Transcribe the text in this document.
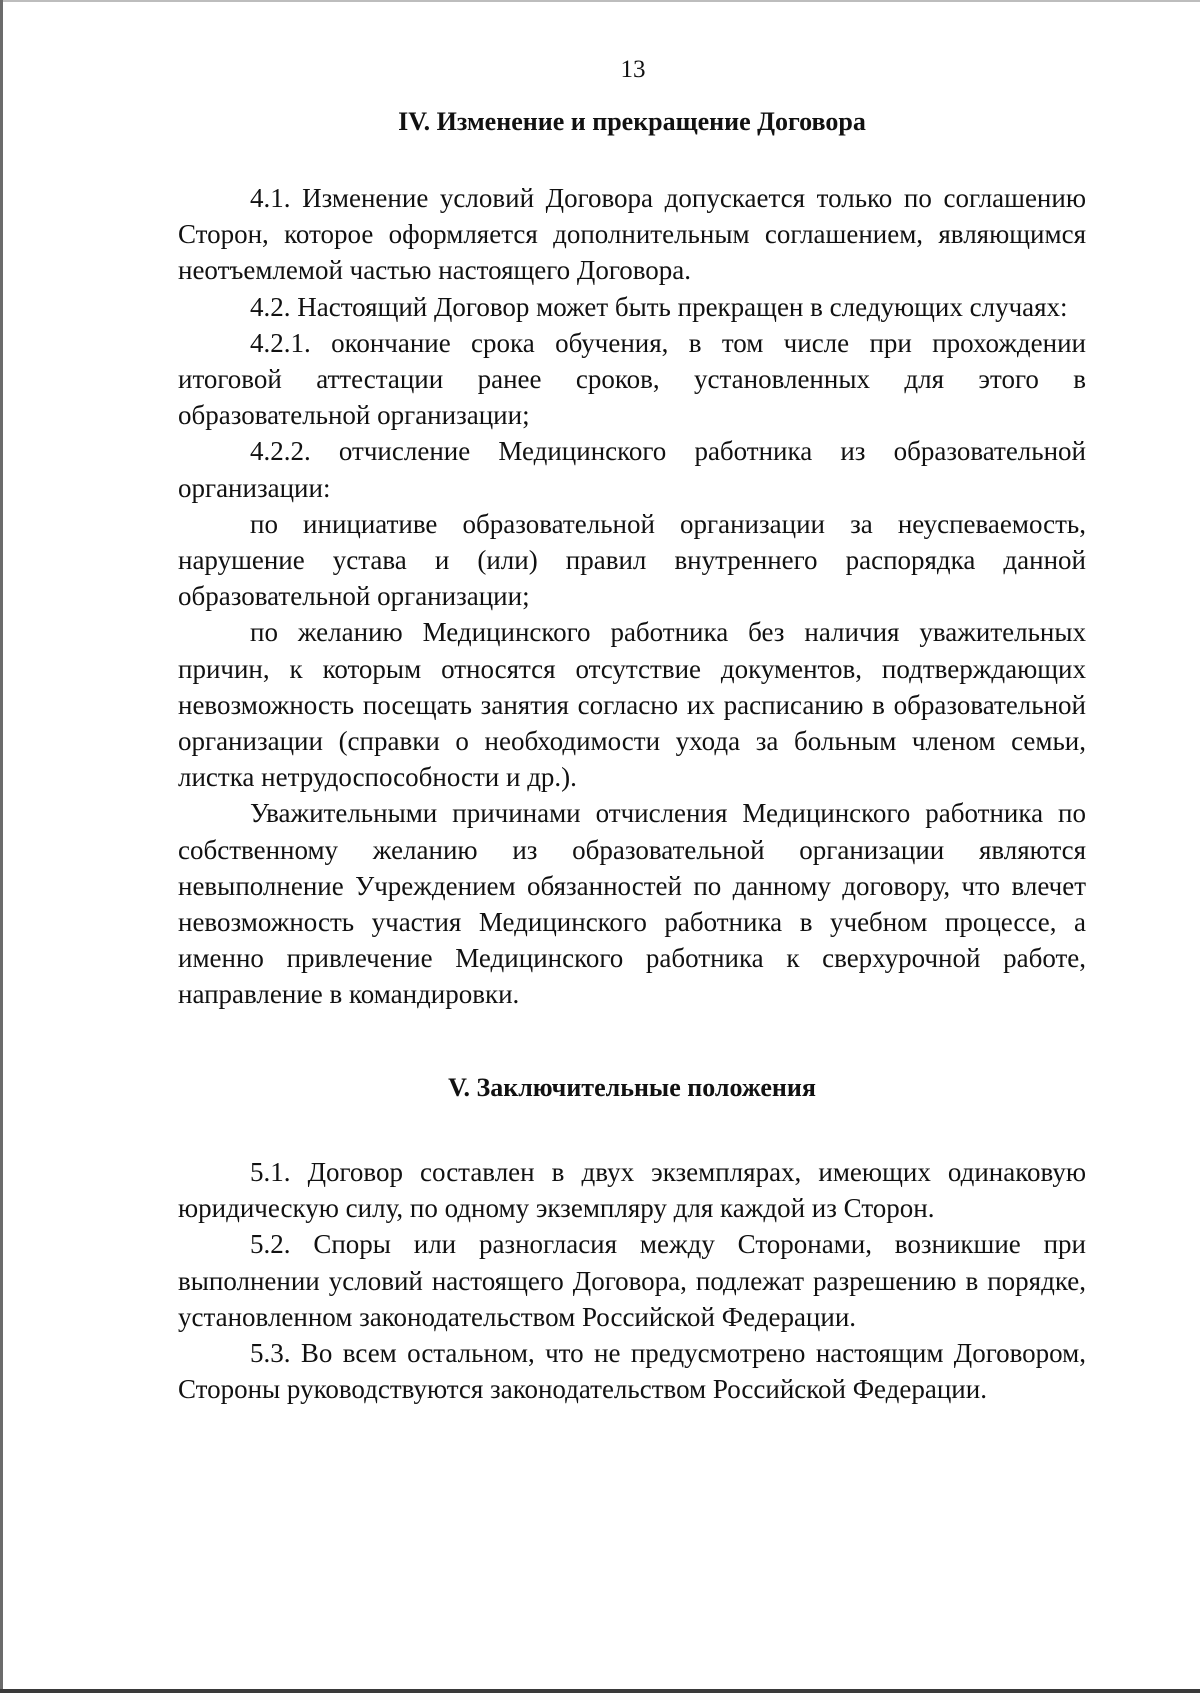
13
IV. Изменение и прекращение Договора

4.1. Изменение условий Договора допускается только по соглашению Сторон, которое оформляется дополнительным соглашением, являющимся неотъемлемой частью настоящего Договора.

4.2. Настоящий Договор может быть прекращен в следующих случаях:

4.2.1. окончание срока обучения, в том числе при прохождении итоговой аттестации ранее сроков, установленных для этого в образовательной организации;

4.2.2. отчисление Медицинского работника из образовательной организации:

по инициативе образовательной организации за неуспеваемость, нарушение устава и (или) правил внутреннего распорядка данной образовательной организации;

по желанию Медицинского работника без наличия уважительных причин, к которым относятся отсутствие документов, подтверждающих невозможность посещать занятия согласно их расписанию в образовательной организации (справки о необходимости ухода за больным членом семьи, листка нетрудоспособности и др.).

Уважительными причинами отчисления Медицинского работника по собственному желанию из образовательной организации являются невыполнение Учреждением обязанностей по данному договору, что влечет невозможность участия Медицинского работника в учебном процессе, а именно привлечение Медицинского работника к сверхурочной работе, направление в командировки.

V. Заключительные положения

5.1. Договор составлен в двух экземплярах, имеющих одинаковую юридическую силу, по одному экземпляру для каждой из Сторон.

5.2. Споры или разногласия между Сторонами, возникшие при выполнении условий настоящего Договора, подлежат разрешению в порядке, установленном законодательством Российской Федерации.

5.3. Во всем остальном, что не предусмотрено настоящим Договором, Стороны руководствуются законодательством Российской Федерации.
